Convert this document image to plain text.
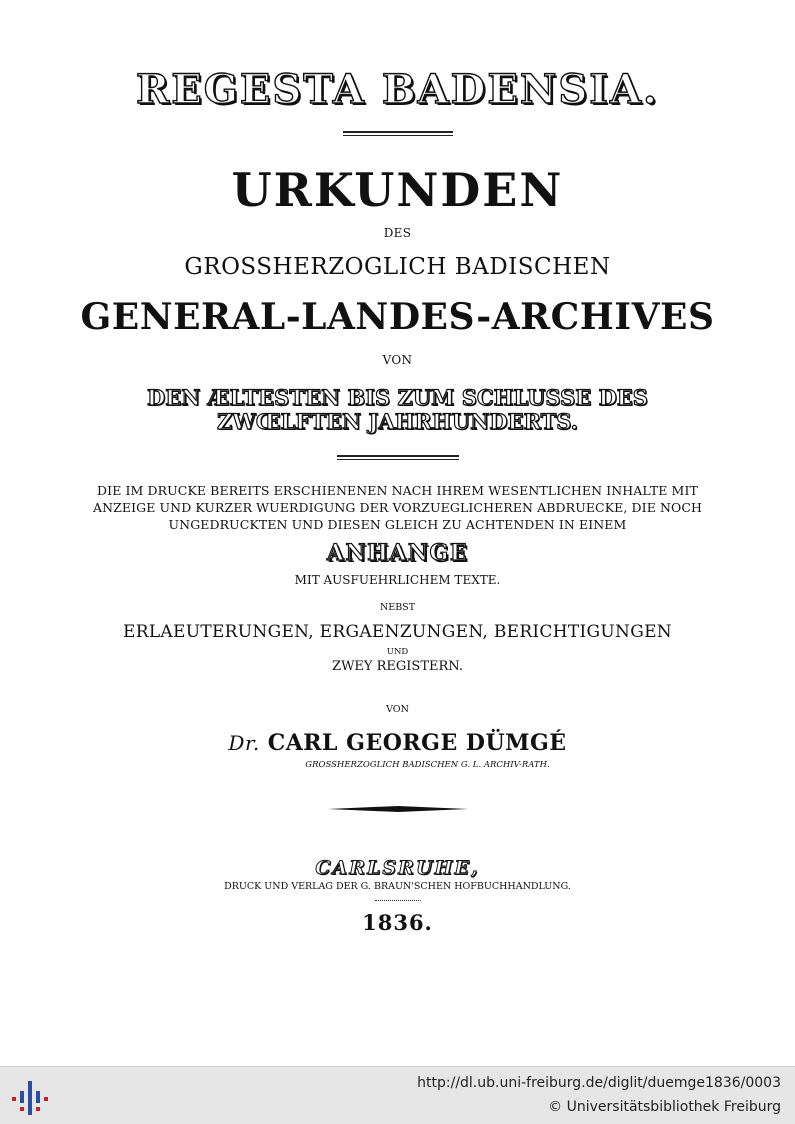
REGESTA BADENSIA.
URKUNDEN
DES
GROSSHERZOGLICH BADISCHEN
GENERAL-LANDES-ARCHIVES
VON
DEN ÆLTESTEN BIS ZUM SCHLUSSE DES
ZWŒLFTEN JAHRHUNDERTS.
DIE IM DRUCKE BEREITS ERSCHIENENEN NACH IHREM WESENTLICHEN INHALTE MIT
ANZEIGE UND KURZER WUERDIGUNG DER VORZUEGLICHEREN ABDRUECKE, DIE NOCH
UNGEDRUCKTEN UND DIESEN GLEICH ZU ACHTENDEN IN EINEM
ANHANGE
MIT AUSFUEHRLICHEM TEXTE.
NEBST
ERLAEUTERUNGEN, ERGAENZUNGEN, BERICHTIGUNGEN
UND
ZWEY REGISTERN.
VON
Dr. CARL GEORGE DÜMGÉ
GROSSHERZOGLICH BADISCHEN G. L. ARCHIV-RATH.
CARLSRUHE,
DRUCK UND VERLAG DER G. BRAUN'SCHEN HOFBUCHHANDLUNG.
1836.
http://dl.ub.uni-freiburg.de/diglit/duemge1836/0003
© Universitätsbibliothek Freiburg
